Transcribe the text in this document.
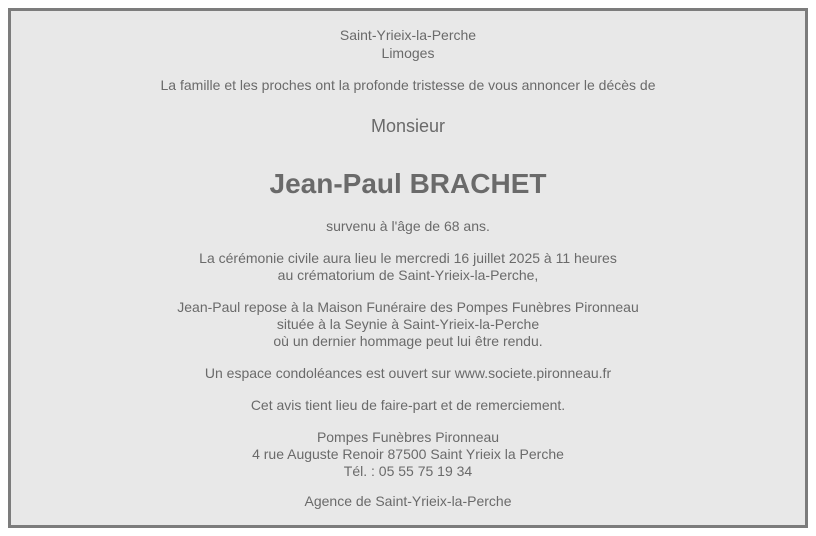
Saint-Yrieix-la-Perche
Limoges
La famille et les proches ont la profonde tristesse de vous annoncer le décès de
Monsieur
Jean-Paul BRACHET
survenu à l'âge de 68 ans.
La cérémonie civile aura lieu le mercredi 16 juillet 2025 à 11 heures
au crématorium de Saint-Yrieix-la-Perche,
Jean-Paul repose à la Maison Funéraire des Pompes Funèbres Pironneau
située à la Seynie à Saint-Yrieix-la-Perche
où un dernier hommage peut lui être rendu.
Un espace condoléances est ouvert sur www.societe.pironneau.fr
Cet avis tient lieu de faire-part et de remerciement.
Pompes Funèbres Pironneau
4 rue Auguste Renoir 87500 Saint Yrieix la Perche
Tél. : 05 55 75 19 34
Agence de Saint-Yrieix-la-Perche
